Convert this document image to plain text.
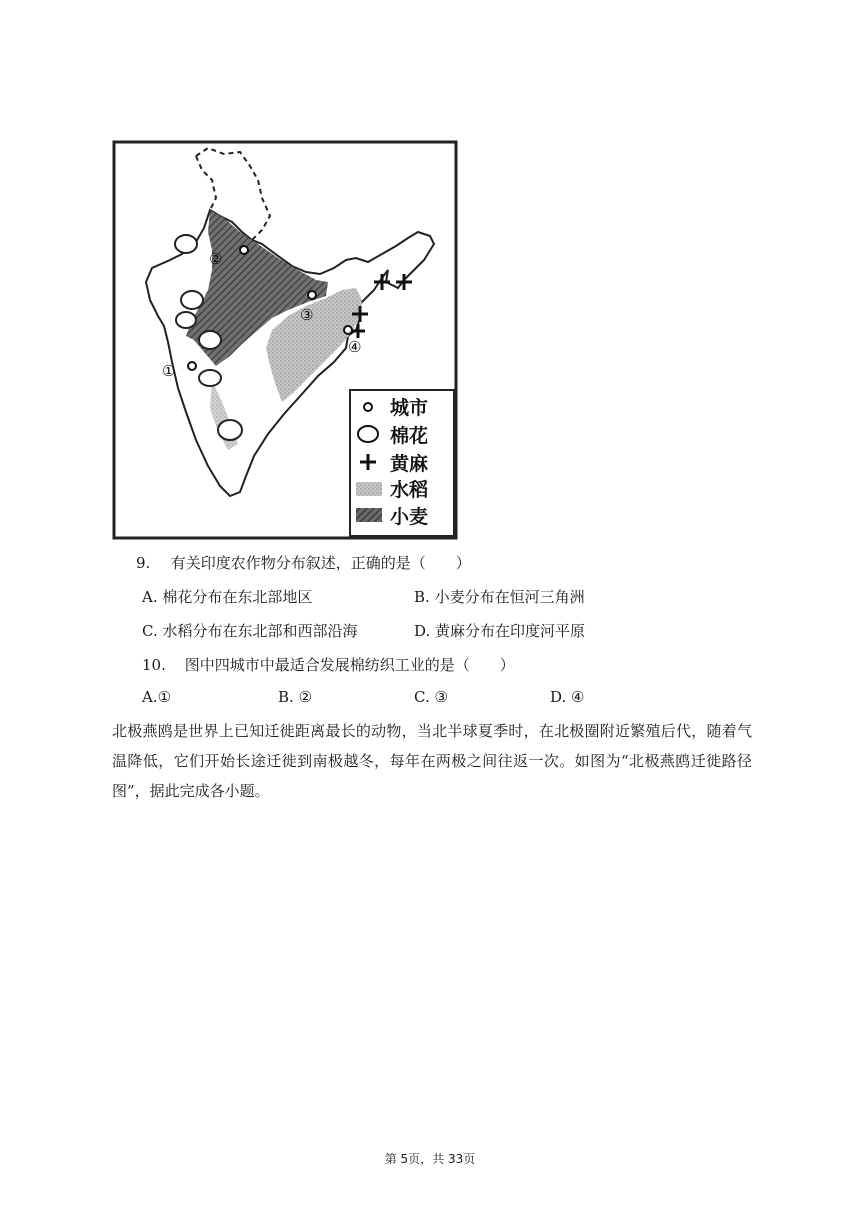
②
③
④
①
城市
棉花
黄麻
水稻
小麦
9. 有关印度农作物分布叙述，正确的是（　　）
A. 棉花分布在东北部地区	B. 小麦分布在恒河三角洲
C. 水稻分布在东北部和西部沿海	D. 黄麻分布在印度河平原
10. 图中四城市中最适合发展棉纺织工业的是（　　）
A.①	B. ②	C. ③	D. ④
北极燕鸥是世界上已知迁徙距离最长的动物，当北半球夏季时，在北极圈附近繁殖后代，随着气温降低，它们开始长途迁徙到南极越冬，每年在两极之间往返一次。如图为“北极燕鸥迁徙路径图”，据此完成各小题。
第 5页，共 33页
